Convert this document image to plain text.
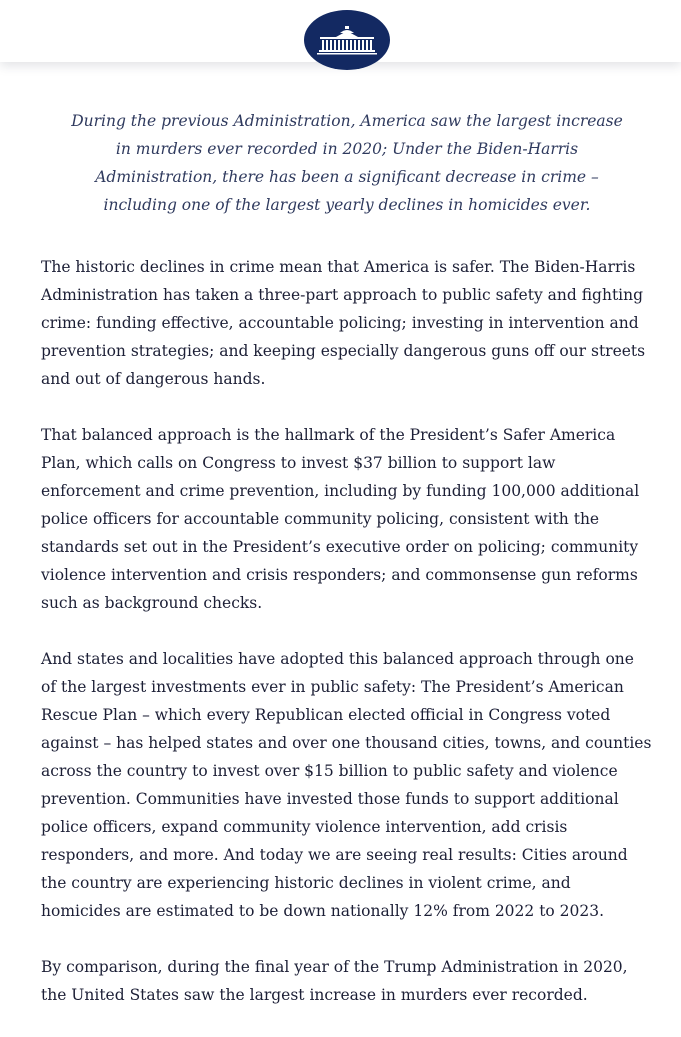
During the previous Administration, America saw the largest increase in murders ever recorded in 2020; Under the Biden-Harris Administration, there has been a significant decrease in crime – including one of the largest yearly declines in homicides ever.

The historic declines in crime mean that America is safer. The Biden-Harris Administration has taken a three-part approach to public safety and fighting crime: funding effective, accountable policing; investing in intervention and prevention strategies; and keeping especially dangerous guns off our streets and out of dangerous hands.

That balanced approach is the hallmark of the President’s Safer America Plan, which calls on Congress to invest $37 billion to support law enforcement and crime prevention, including by funding 100,000 additional police officers for accountable community policing, consistent with the standards set out in the President’s executive order on policing; community violence intervention and crisis responders; and commonsense gun reforms such as background checks.

And states and localities have adopted this balanced approach through one of the largest investments ever in public safety: The President’s American Rescue Plan – which every Republican elected official in Congress voted against – has helped states and over one thousand cities, towns, and counties across the country to invest over $15 billion to public safety and violence prevention. Communities have invested those funds to support additional police officers, expand community violence intervention, add crisis responders, and more. And today we are seeing real results: Cities around the country are experiencing historic declines in violent crime, and homicides are estimated to be down nationally 12% from 2022 to 2023.

By comparison, during the final year of the Trump Administration in 2020, the United States saw the largest increase in murders ever recorded.
